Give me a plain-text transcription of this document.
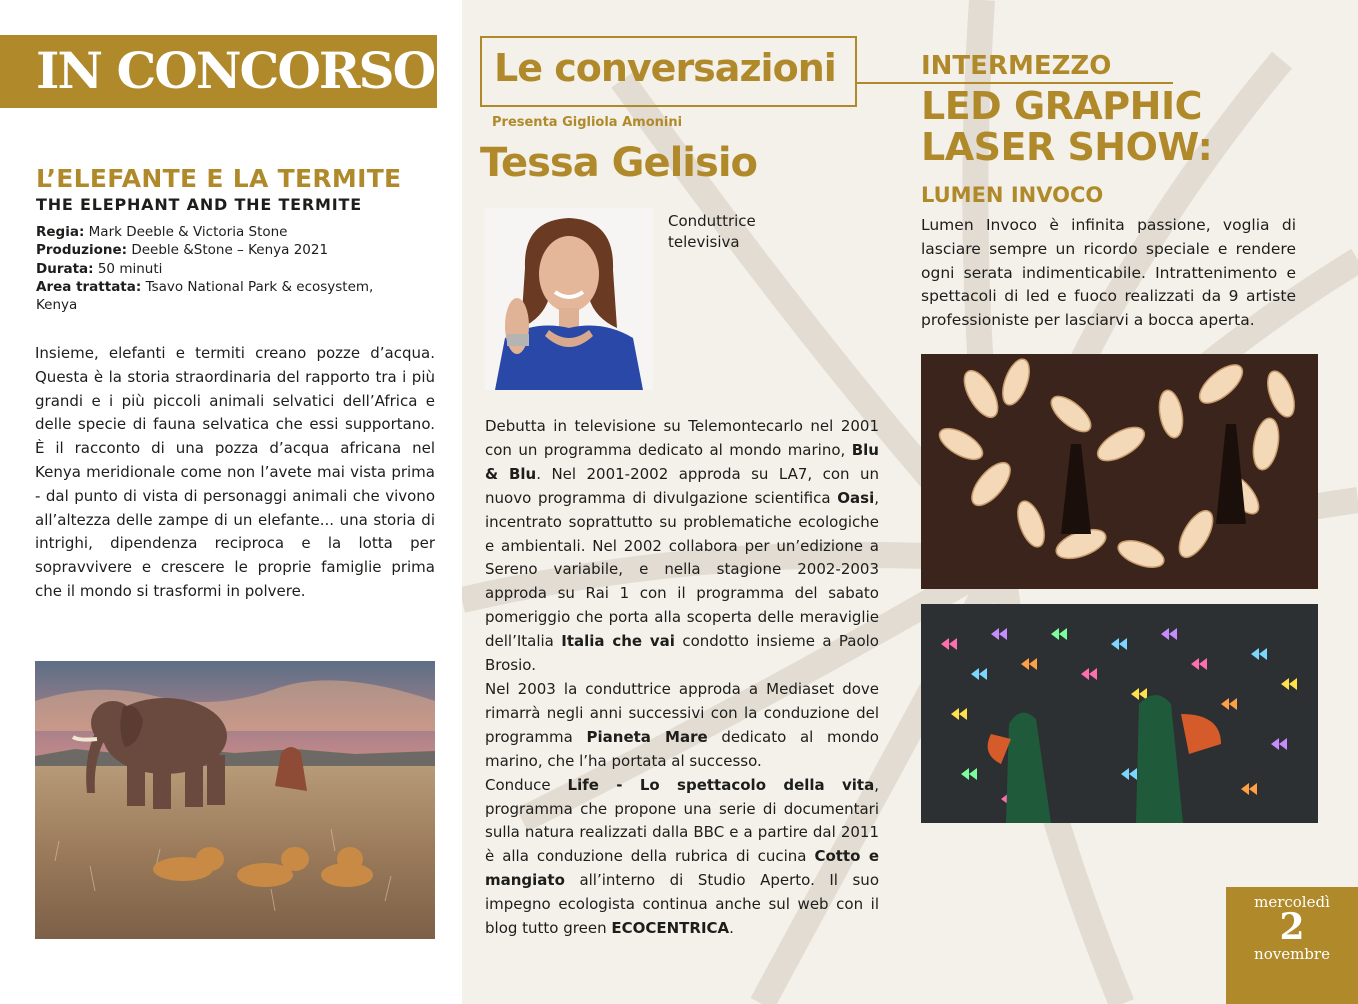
IN CONCORSO
L’ELEFANTE E LA TERMITE
THE ELEPHANT AND THE TERMITE
Regia: Mark Deeble & Victoria Stone
Produzione: Deeble &Stone – Kenya 2021
Durata: 50 minuti
Area trattata: Tsavo National Park & ecosystem, Kenya
Insieme, elefanti e termiti creano pozze d’acqua. Questa è la storia straordinaria del rapporto tra i più grandi e i più piccoli animali selvatici dell’Africa e delle specie di fauna selvatica che essi supportano. È il racconto di una pozza d’acqua africana nel Kenya meridionale come non l’avete mai vista prima - dal punto di vista di personaggi animali che vivono all’altezza delle zampe di un elefante... una storia di intrighi, dipendenza reciproca e la lotta per sopravvivere e crescere le proprie famiglie prima che il mondo si trasformi in polvere.
Le conversazioni
Presenta Gigliola Amonini
Tessa Gelisio
Conduttrice televisiva
Debutta in televisione su Telemontecarlo nel 2001 con un programma dedicato al mondo marino, Blu & Blu. Nel 2001-2002 approda su LA7, con un nuovo programma di divulgazione scientifica Oasi, incentrato soprattutto su problematiche ecologiche e ambientali. Nel 2002 collabora per un’edizione a Sereno variabile, e nella stagione 2002-2003 approda su Rai 1 con il programma del sabato pomeriggio che porta alla scoperta delle meraviglie dell’Italia Italia che vai condotto insieme a Paolo Brosio.
Nel 2003 la conduttrice approda a Mediaset dove rimarrà negli anni successivi con la conduzione del programma Pianeta Mare dedicato al mondo marino, che l’ha portata al successo.
Conduce Life - Lo spettacolo della vita, programma che propone una serie di documentari sulla natura realizzati dalla BBC e a partire dal 2011 è alla conduzione della rubrica di cucina Cotto e mangiato all’interno di Studio Aperto. Il suo impegno ecologista continua anche sul web con il blog tutto green ECOCENTRICA.
INTERMEZZO
LED GRAPHIC LASER SHOW:
LUMEN INVOCO
Lumen Invoco è infinita passione, voglia di lasciare sempre un ricordo speciale e rendere ogni serata indimenticabile. Intrattenimento e spettacoli di led e fuoco realizzati da 9 artiste professioniste per lasciarvi a bocca aperta.
mercoledì
2
novembre
